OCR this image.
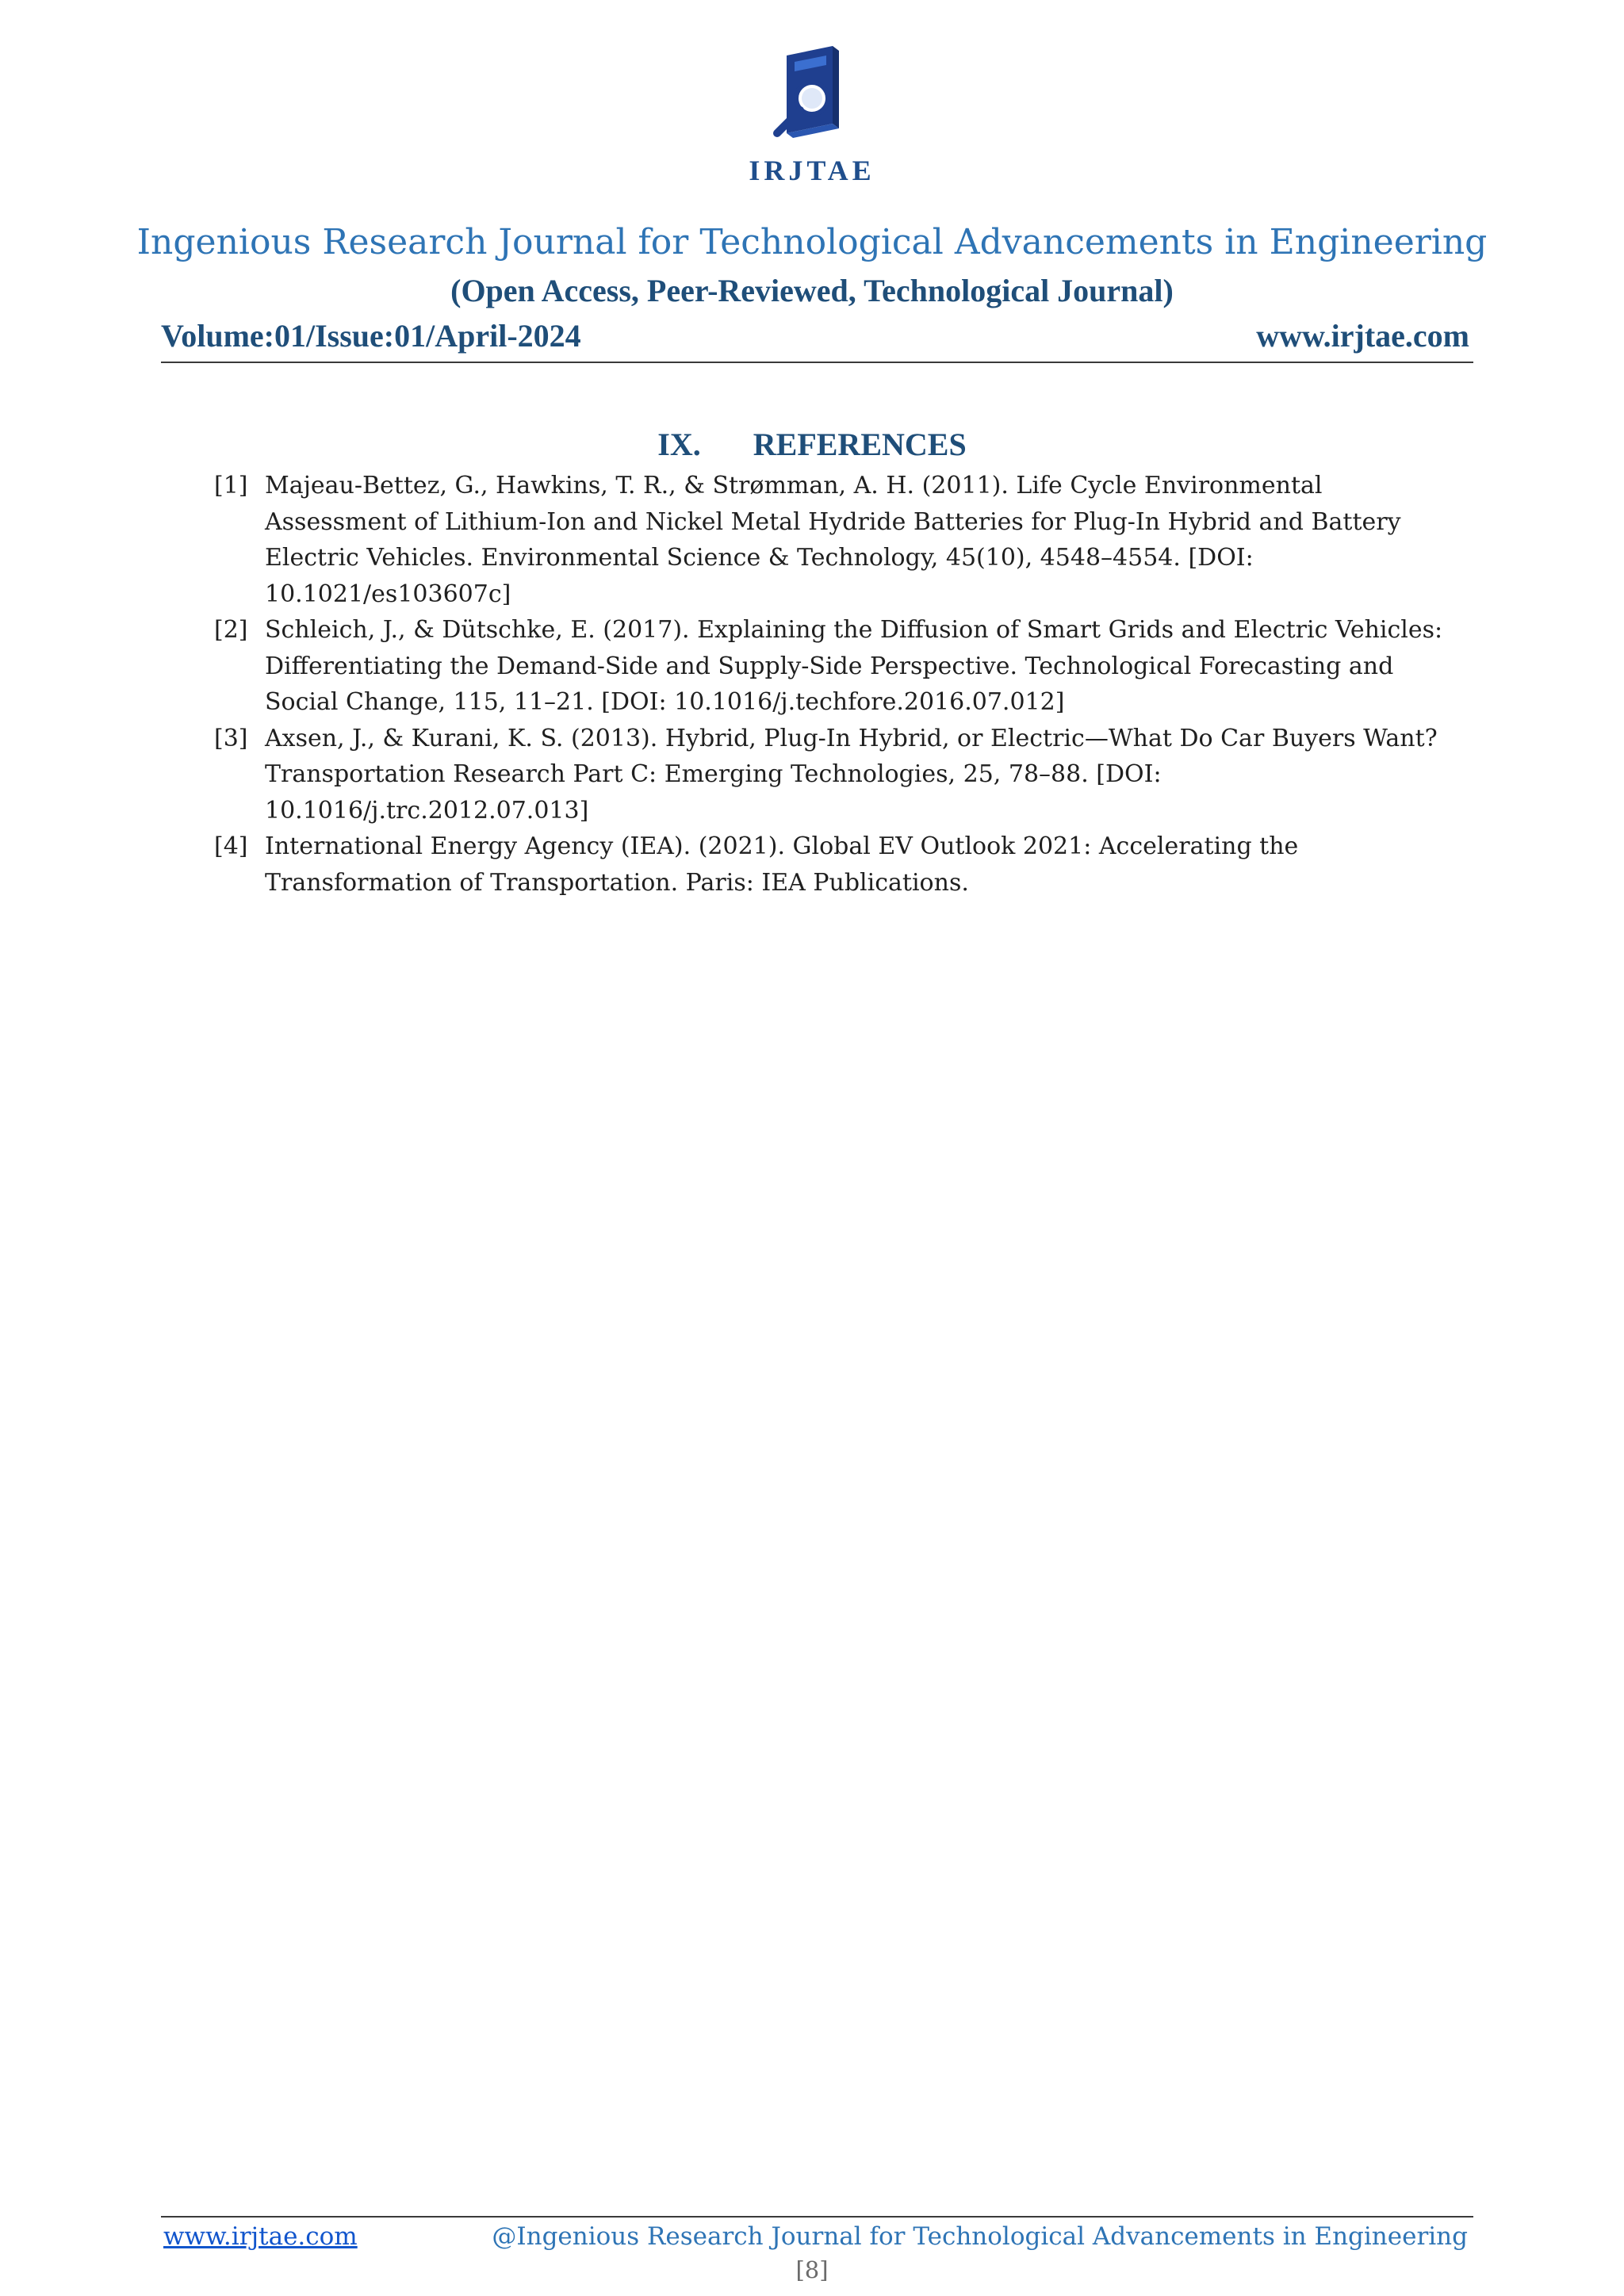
IRJTAE
Ingenious Research Journal for Technological Advancements in Engineering
(Open Access, Peer-Reviewed, Technological Journal)
Volume:01/Issue:01/April-2024	www.irjtae.com
IX. REFERENCES
[1] Majeau-Bettez, G., Hawkins, T. R., & Strømman, A. H. (2011). Life Cycle Environmental Assessment of Lithium-Ion and Nickel Metal Hydride Batteries for Plug-In Hybrid and Battery Electric Vehicles. Environmental Science & Technology, 45(10), 4548–4554. [DOI: 10.1021/es103607c]
[2] Schleich, J., & Dütschke, E. (2017). Explaining the Diffusion of Smart Grids and Electric Vehicles: Differentiating the Demand-Side and Supply-Side Perspective. Technological Forecasting and Social Change, 115, 11–21. [DOI: 10.1016/j.techfore.2016.07.012]
[3] Axsen, J., & Kurani, K. S. (2013). Hybrid, Plug-In Hybrid, or Electric—What Do Car Buyers Want? Transportation Research Part C: Emerging Technologies, 25, 78–88. [DOI: 10.1016/j.trc.2012.07.013]
[4] International Energy Agency (IEA). (2021). Global EV Outlook 2021: Accelerating the Transformation of Transportation. Paris: IEA Publications.
www.irjtae.com	@Ingenious Research Journal for Technological Advancements in Engineering
[8]
